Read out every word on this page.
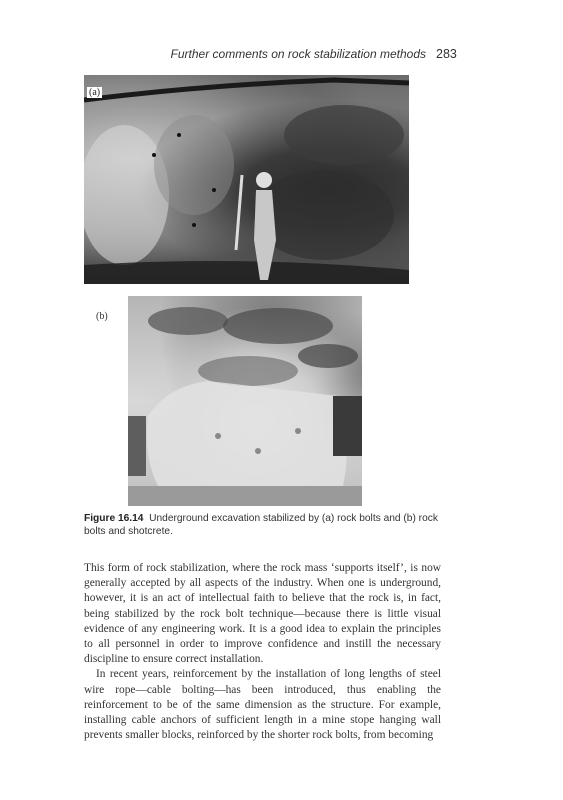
Further comments on rock stabilization methods 283
(a)
(b)
Figure 16.14 Underground excavation stabilized by (a) rock bolts and (b) rock bolts and shotcrete.

This form of rock stabilization, where the rock mass ‘supports itself’, is now generally accepted by all aspects of the industry. When one is underground, however, it is an act of intellectual faith to believe that the rock is, in fact, being stabilized by the rock bolt technique—because there is little visual evidence of any engineering work. It is a good idea to explain the principles to all personnel in order to improve confidence and instill the necessary discipline to ensure correct installation.

In recent years, reinforcement by the installation of long lengths of steel wire rope—cable bolting—has been introduced, thus enabling the reinforcement to be of the same dimension as the structure. For example, installing cable anchors of sufficient length in a mine stope hanging wall prevents smaller blocks, reinforced by the shorter rock bolts, from becoming
